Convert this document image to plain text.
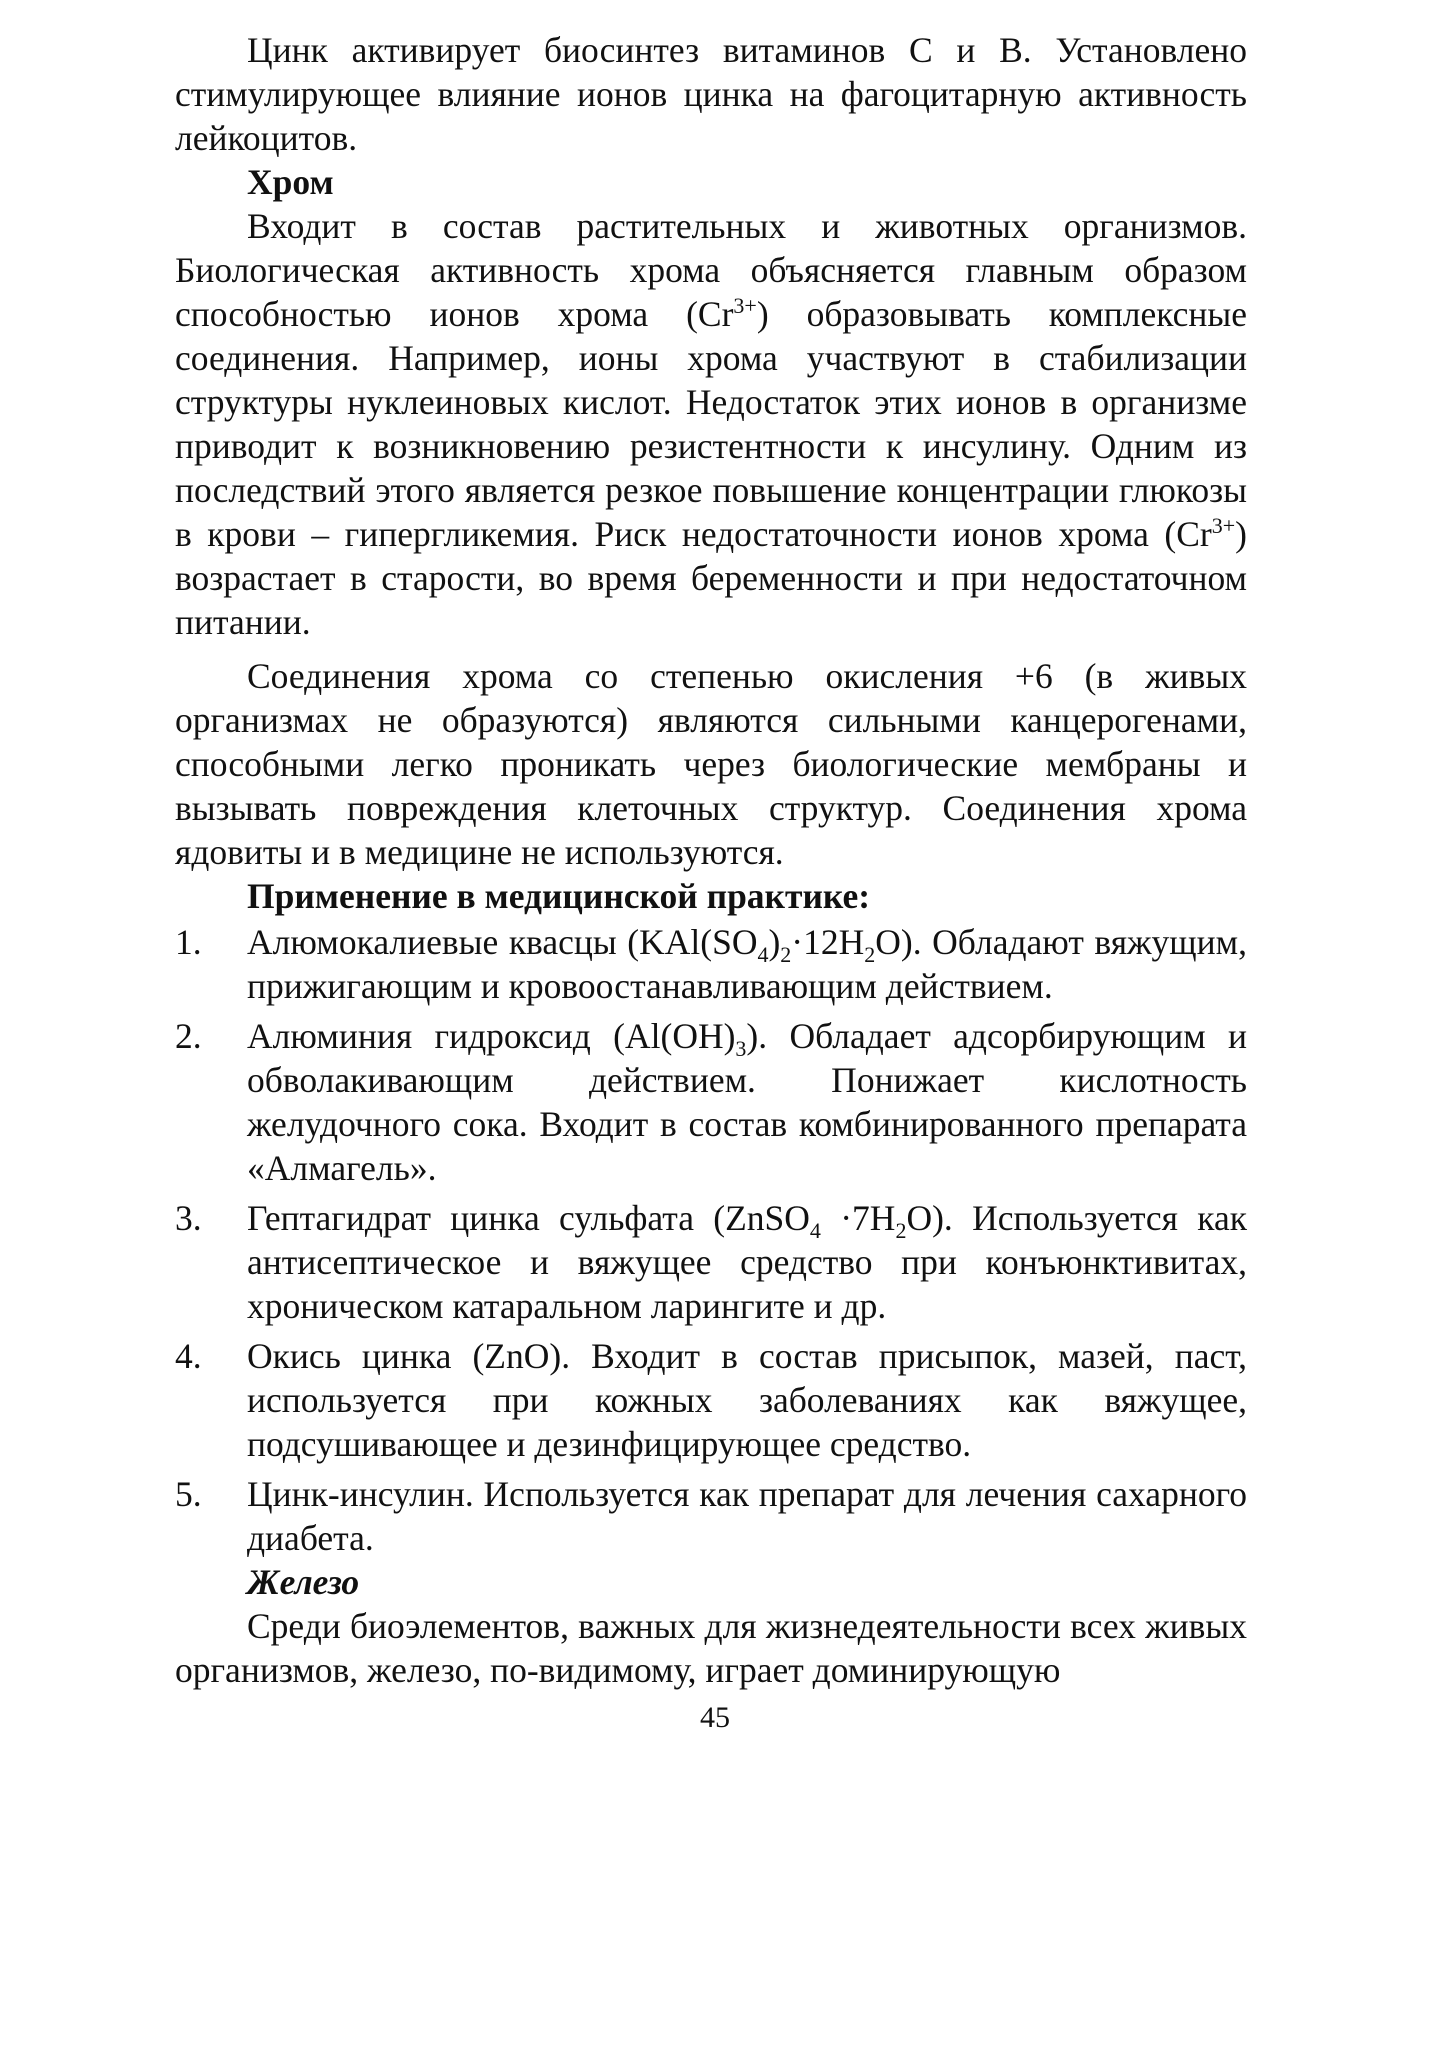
Цинк активирует биосинтез витаминов С и В. Установлено стимулирующее влияние ионов цинка на фагоцитарную активность лейкоцитов.

Хром

Входит в состав растительных и животных организмов. Биологическая активность хрома объясняется главным образом способностью ионов хрома $(Cr^{3+})$ образовывать комплексные соединения. Например, ионы хрома участвуют в стабилизации структуры нуклеиновых кислот. Недостаток этих ионов в организме приводит к возникновению резистентности к инсулину. Одним из последствий этого является резкое повышение концентрации глюкозы в крови – гипергликемия. Риск недостаточности ионов хрома $(Cr^{3+})$ возрастает в старости, во время беременности и при недостаточном питании.

Соединения хрома со степенью окисления +6 (в живых организмах не образуются) являются сильными канцерогенами, способными легко проникать через биологические мембраны и вызывать повреждения клеточных структур. Соединения хрома ядовиты и в медицине не используются.

Применение в медицинской практике:

1.	Алюмокалиевые квасцы $(KAl(SO_4)_2\cdot 12H_2O)$. Обладают вяжущим, прижигающим и кровоостанавливающим действием.
2.	Алюминия гидроксид $(Al(OH)_3)$. Обладает адсорбирующим и обволакивающим действием. Понижает кислотность желудочного сока. Входит в состав комбинированного препарата «Алмагель».
3.	Гептагидрат цинка сульфата (ZnSO$_4$ $\cdot 7H_2O$). Используется как антисептическое и вяжущее средство при конъюнктивитах, хроническом катаральном ларингите и др.
4.	Окись цинка (ZnO). Входит в состав присыпок, мазей, паст, используется при кожных заболеваниях как вяжущее, подсушивающее и дезинфицирующее средство.
5.	Цинк-инсулин. Используется как препарат для лечения сахарного диабета.

Железо

Среди биоэлементов, важных для жизнедеятельности всех живых организмов, железо, по-видимому, играет доминирующую

45
